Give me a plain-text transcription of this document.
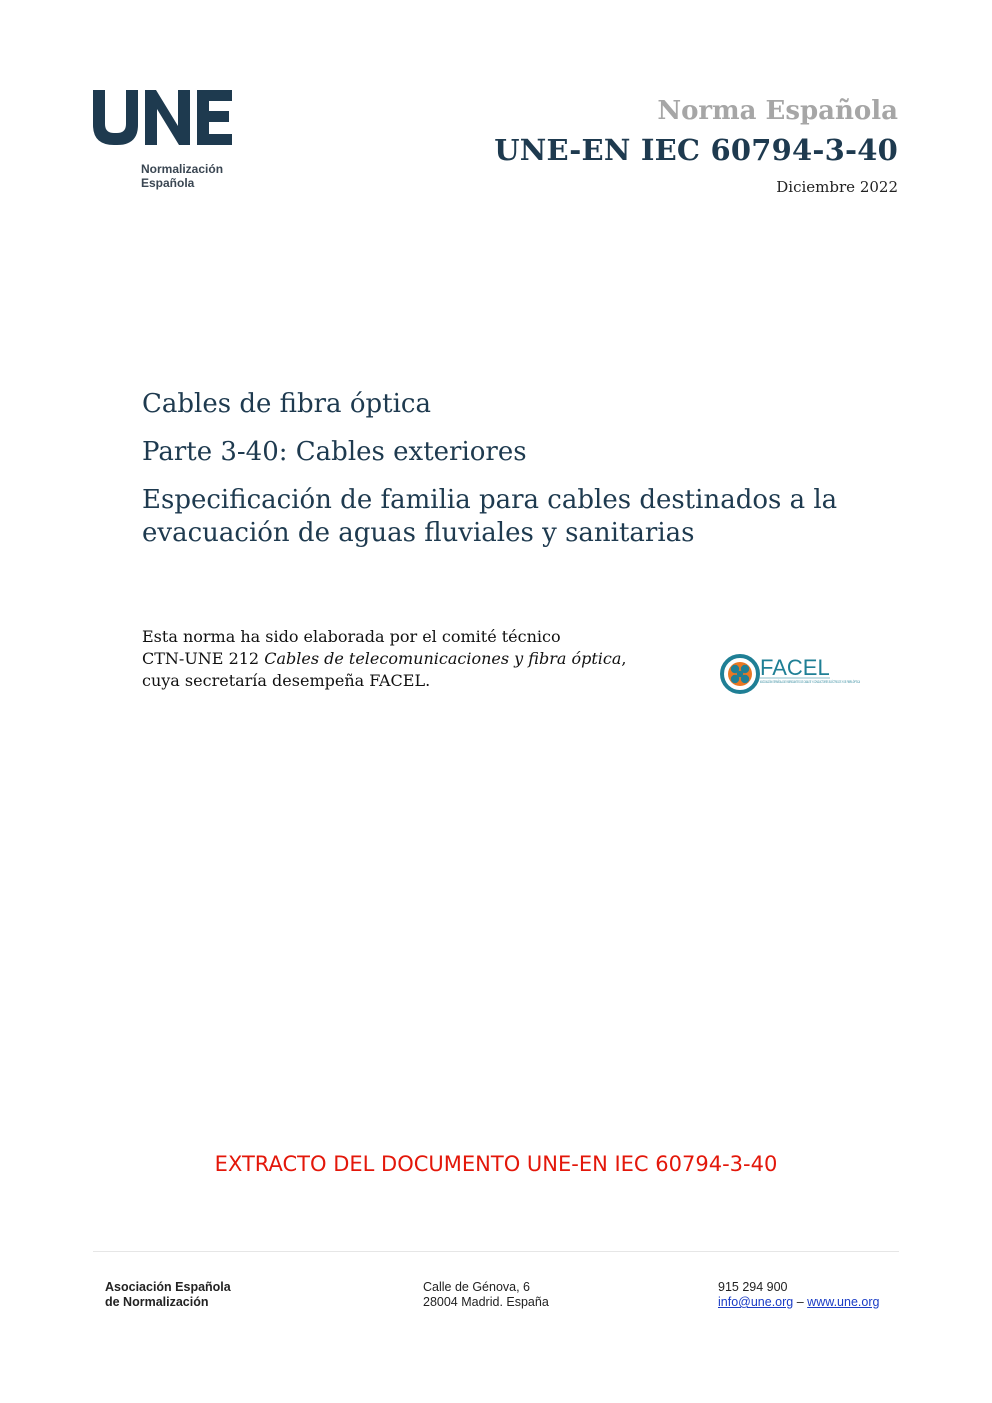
Normalización
Española
Norma Española
UNE-EN IEC 60794-3-40
Diciembre 2022
Cables de fibra óptica
Parte 3-40: Cables exteriores
Especificación de familia para cables destinados a la evacuación de aguas fluviales y sanitarias
Esta norma ha sido elaborada por el comité técnico
CTN-UNE 212 Cables de telecomunicaciones y fibra óptica,
cuya secretaría desempeña FACEL.
FACEL
ASOCIACIÓN ESPAÑOLA DE FABRICANTES DE CABLES Y CONDUCTORES ELÉCTRICOS Y DE FIBRA ÓPTICA
EXTRACTO DEL DOCUMENTO UNE-EN IEC 60794-3-40
Asociación Española
de Normalización
Calle de Génova, 6
28004 Madrid. España
915 294 900
info@une.org – www.une.org
